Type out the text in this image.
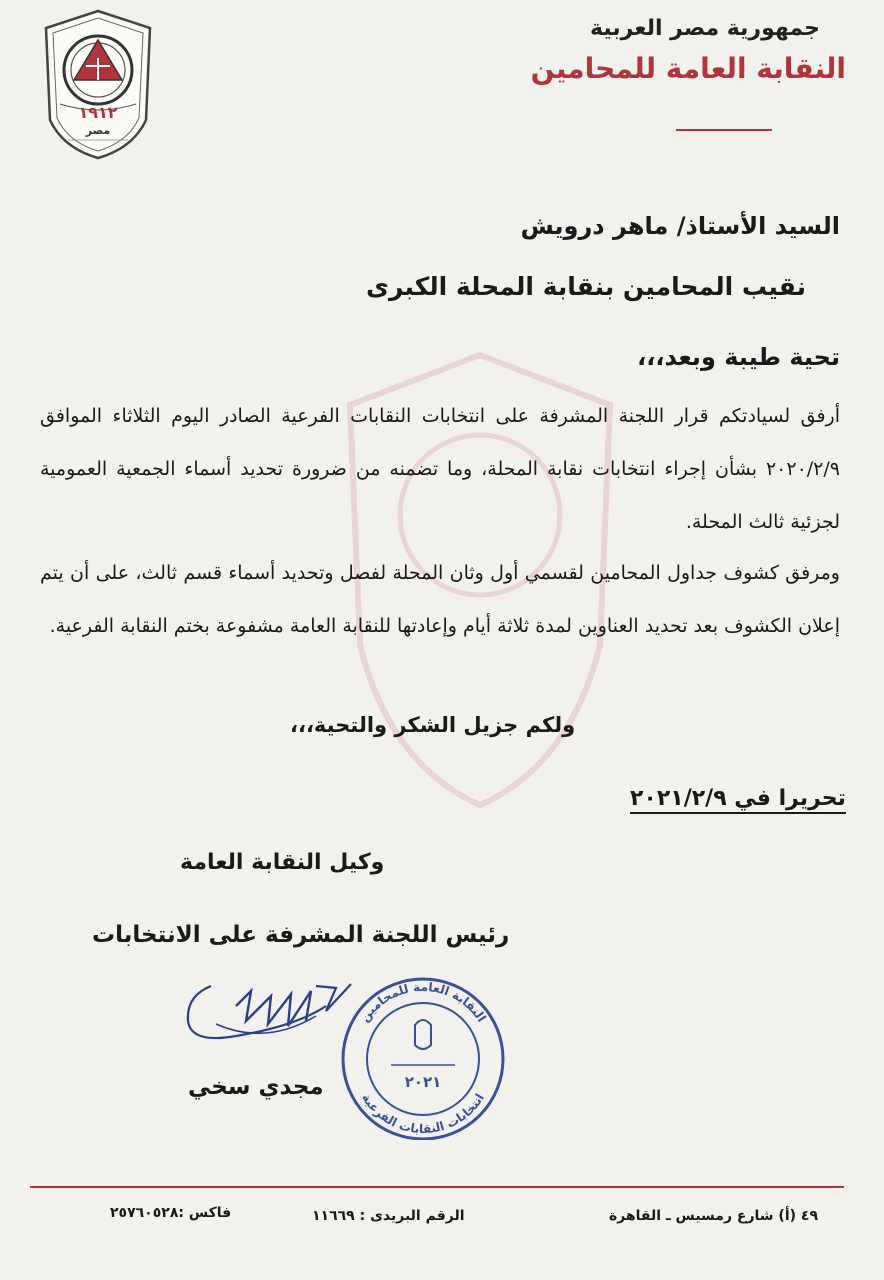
١٩١٢
مصر
جمهورية مصر العربية
النقابة العامة للمحامين
السيد الأستاذ/ ماهر درويش
نقيب المحامين بنقابة المحلة الكبرى
تحية طيبة وبعد،،،
أرفق لسيادتكم قرار اللجنة المشرفة على انتخابات النقابات الفرعية الصادر اليوم الثلاثاء الموافق ٢٠٢٠/٢/٩ بشأن إجراء انتخابات نقابة المحلة، وما تضمنه من ضرورة تحديد أسماء الجمعية العمومية لجزئية ثالث المحلة.
ومرفق كشوف جداول المحامين لقسمي أول وثان المحلة لفصل وتحديد أسماء قسم ثالث، على أن يتم إعلان الكشوف بعد تحديد العناوين لمدة ثلاثة أيام وإعادتها للنقابة العامة مشفوعة بختم النقابة الفرعية.
ولكم جزيل الشكر والتحية،،،
تحريرا في ٢٠٢١/٢/٩
وكيل النقابة العامة
رئيس اللجنة المشرفة على الانتخابات
مجدي سخي
النقابة العامة للمحامين
انتخابات النقابات الفرعية
٢٠٢١
٤٩ (أ) شارع رمسيس ـ القاهرة
الرقم البريدى : ١١٦٦٩
فاكس :٢٥٧٦٠٥٢٨
